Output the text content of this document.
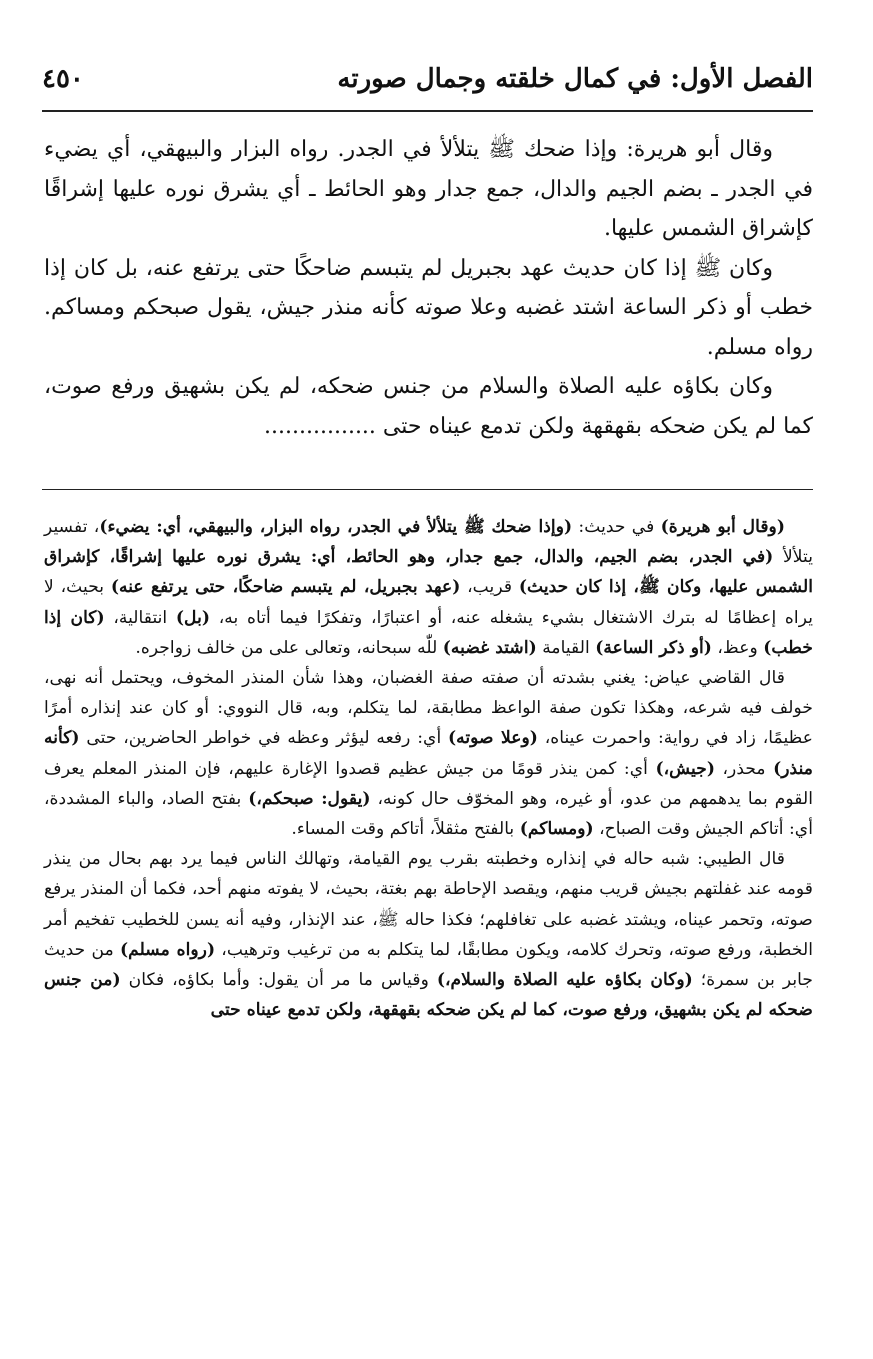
الفصل الأول: في كمال خلقته وجمال صورته
٤٥٠

وقال أبو هريرة: وإذا ضحك ﷺ يتلألأ في الجدر. رواه البزار والبيهقي، أي يضيء في الجدر ـ بضم الجيم والدال، جمع جدار وهو الحائط ـ أي يشرق نوره عليها إشراقًا كإشراق الشمس عليها.

وكان ﷺ إذا كان حديث عهد بجبريل لم يتبسم ضاحكًا حتى يرتفع عنه، بل كان إذا خطب أو ذكر الساعة اشتد غضبه وعلا صوته كأنه منذر جيش، يقول صبحكم ومساكم. رواه مسلم.

وكان بكاؤه عليه الصلاة والسلام من جنس ضحكه، لم يكن بشهيق ورفع صوت، كما لم يكن ضحكه بقهقهة ولكن تدمع عيناه حتى ................

(وقال أبو هريرة) في حديث: (وإذا ضحك ﷺ يتلألأ في الجدر، رواه البزار، والبيهقي، أي: يضيء)، تفسير يتلألأ (في الجدر، بضم الجيم، والدال، جمع جدار، وهو الحائط، أي: يشرق نوره عليها إشراقًا، كإشراق الشمس عليها، وكان ﷺ، إذا كان حديث) قريب، (عهد بجبريل، لم يتبسم ضاحكًا، حتى يرتفع عنه) بحيث، لا يراه إعظامًا له بترك الاشتغال بشيء يشغله عنه، أو اعتبارًا، وتفكرًا فيما أتاه به، (بل) انتقالية، (كان إذا خطب) وعظ، (أو ذكر الساعة) القيامة (اشتد غضبه) للّٰه سبحانه، وتعالى على من خالف زواجره.

قال القاضي عياض: يغني بشدته أن صفته صفة الغضبان، وهذا شأن المنذر المخوف، ويحتمل أنه نهى، خولف فيه شرعه، وهكذا تكون صفة الواعظ مطابقة، لما يتكلم، وبه، قال النووي: أو كان عند إنذاره أمرًا عظيمًا، زاد في رواية: واحمرت عيناه، (وعلا صوته) أي: رفعه ليؤثر وعظه في خواطر الحاضرين، حتى (كأنه منذر) محذر، (جيش،) أي: كمن ينذر قومًا من جيش عظيم قصدوا الإغارة عليهم، فإن المنذر المعلم يعرف القوم بما يدهمهم من عدو، أو غيره، وهو المخوّف حال كونه، (يقول: صبحكم،) بفتح الصاد، والباء المشددة، أي: أتاكم الجيش وقت الصباح، (ومساكم) بالفتح مثقلاً، أتاكم وقت المساء.

قال الطيبي: شبه حاله في إنذاره وخطبته بقرب يوم القيامة، وتهالك الناس فيما يرد بهم بحال من ينذر قومه عند غفلتهم بجيش قريب منهم، ويقصد الإحاطة بهم بغتة، بحيث، لا يفوته منهم أحد، فكما أن المنذر يرفع صوته، وتحمر عيناه، ويشتد غضبه على تغافلهم؛ فكذا حاله ﷺ، عند الإنذار، وفيه أنه يسن للخطيب تفخيم أمر الخطبة، ورفع صوته، وتحرك كلامه، ويكون مطابقًا، لما يتكلم به من ترغيب وترهيب، (رواه مسلم) من حديث جابر بن سمرة؛ (وكان بكاؤه عليه الصلاة والسلام،) وقياس ما مر أن يقول: وأما بكاؤه، فكان (من جنس ضحكه لم يكن بشهيق، ورفع صوت، كما لم يكن ضحكه بقهقهة، ولكن تدمع عيناه حتى
